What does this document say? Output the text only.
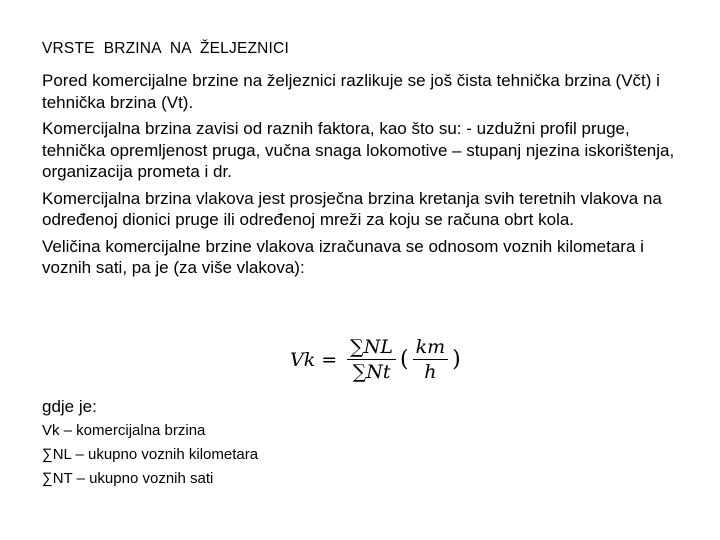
VRSTE  BRZINA  NA  ŽELJEZNICI

Pored komercijalne brzine na željeznici razlikuje se još čista tehnička brzina (Včt) i tehnička brzina (Vt).

Komercijalna brzina zavisi od raznih faktora, kao što su: - uzdužni profil pruge, tehnička opremljenost pruga, vučna snaga lokomotive – stupanj njezina iskorištenja, organizacija prometa i dr.

Komercijalna brzina vlakova jest prosječna brzina kretanja svih teretnih vlakova na određenoj dionici pruge ili određenoj mreži za koju se računa obrt kola.

Veličina komercijalne brzine vlakova izračunava se odnosom voznih kilometara i voznih sati, pa je (za više vlakova):

$Vk = \frac{\sum NL}{\sum Nt}$ ( $\frac{km}{h}$ )
gdje je:
Vk – komercijalna brzina
∑NL – ukupno voznih kilometara
∑NT – ukupno voznih sati
